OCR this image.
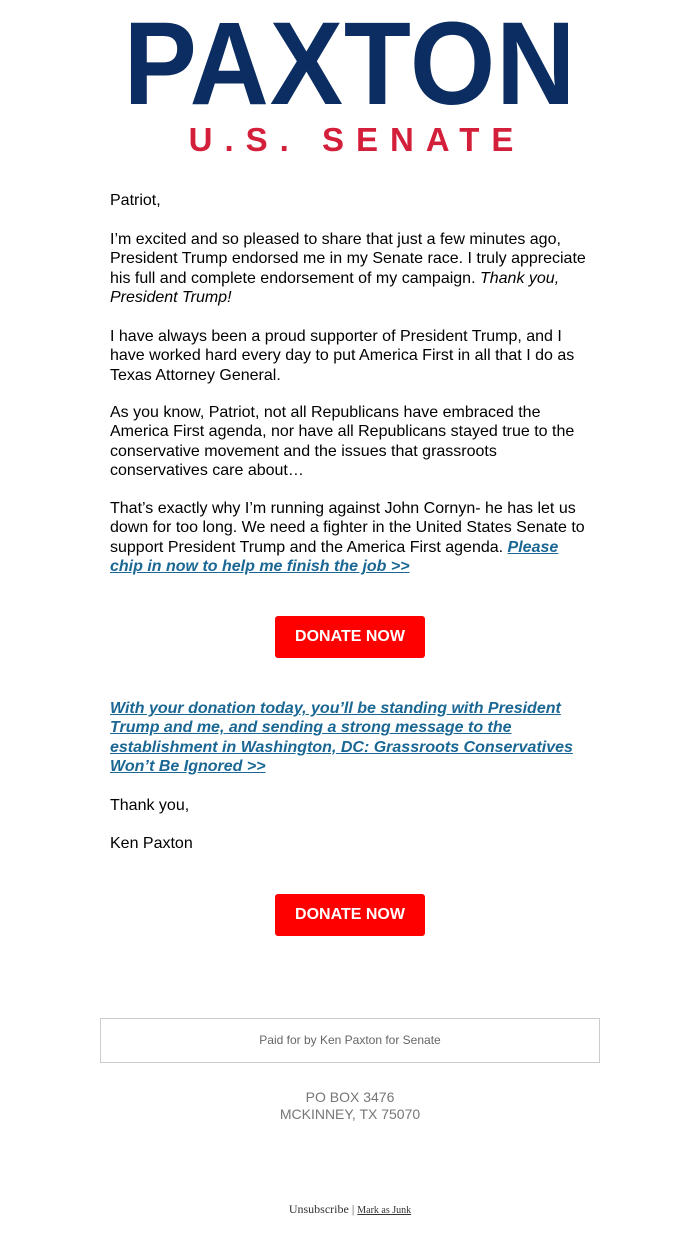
PAXTON
U.S. SENATE

Patriot,

I’m excited and so pleased to share that just a few minutes ago, President Trump endorsed me in my Senate race. I truly appreciate his full and complete endorsement of my campaign. Thank you, President Trump!

I have always been a proud supporter of President Trump, and I have worked hard every day to put America First in all that I do as Texas Attorney General.

As you know, Patriot, not all Republicans have embraced the America First agenda, nor have all Republicans stayed true to the conservative movement and the issues that grassroots conservatives care about…

That’s exactly why I’m running against John Cornyn- he has let us down for too long. We need a fighter in the United States Senate to support President Trump and the America First agenda. Please chip in now to help me finish the job >>

DONATE NOW

With your donation today, you’ll be standing with President Trump and me, and sending a strong message to the establishment in Washington, DC: Grassroots Conservatives Won’t Be Ignored >>

Thank you,

Ken Paxton

DONATE NOW
Paid for by Ken Paxton for Senate
PO BOX 3476
MCKINNEY, TX 75070
Unsubscribe | Mark as Junk
